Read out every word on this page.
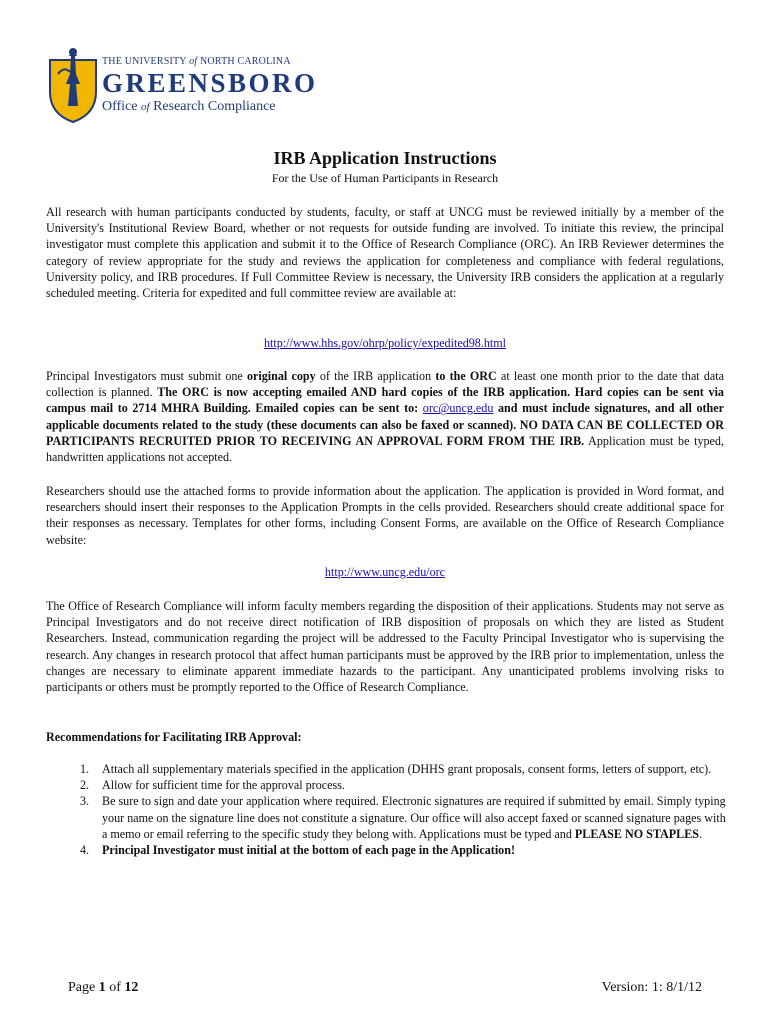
THE UNIVERSITY of NORTH CAROLINA
GREENSBORO
Office of Research Compliance
IRB Application Instructions
For the Use of Human Participants in Research
All research with human participants conducted by students, faculty, or staff at UNCG must be reviewed initially by a member of the University's Institutional Review Board, whether or not requests for outside funding are involved. To initiate this review, the principal investigator must complete this application and submit it to the Office of Research Compliance (ORC). An IRB Reviewer determines the category of review appropriate for the study and reviews the application for completeness and compliance with federal regulations, University policy, and IRB procedures. If Full Committee Review is necessary, the University IRB considers the application at a regularly scheduled meeting. Criteria for expedited and full committee review are available at:
http://www.hhs.gov/ohrp/policy/expedited98.html
Principal Investigators must submit one original copy of the IRB application to the ORC at least one month prior to the date that data collection is planned. The ORC is now accepting emailed AND hard copies of the IRB application. Hard copies can be sent via campus mail to 2714 MHRA Building. Emailed copies can be sent to: orc@uncg.edu and must include signatures, and all other applicable documents related to the study (these documents can also be faxed or scanned). NO DATA CAN BE COLLECTED OR PARTICIPANTS RECRUITED PRIOR TO RECEIVING AN APPROVAL FORM FROM THE IRB. Application must be typed, handwritten applications not accepted.
Researchers should use the attached forms to provide information about the application. The application is provided in Word format, and researchers should insert their responses to the Application Prompts in the cells provided. Researchers should create additional space for their responses as necessary. Templates for other forms, including Consent Forms, are available on the Office of Research Compliance website:
http://www.uncg.edu/orc
The Office of Research Compliance will inform faculty members regarding the disposition of their applications. Students may not serve as Principal Investigators and do not receive direct notification of IRB disposition of proposals on which they are listed as Student Researchers. Instead, communication regarding the project will be addressed to the Faculty Principal Investigator who is supervising the research. Any changes in research protocol that affect human participants must be approved by the IRB prior to implementation, unless the changes are necessary to eliminate apparent immediate hazards to the participant. Any unanticipated problems involving risks to participants or others must be promptly reported to the Office of Research Compliance.
Recommendations for Facilitating IRB Approval:
1. Attach all supplementary materials specified in the application (DHHS grant proposals, consent forms, letters of support, etc).
2. Allow for sufficient time for the approval process.
3. Be sure to sign and date your application where required. Electronic signatures are required if submitted by email. Simply typing your name on the signature line does not constitute a signature. Our office will also accept faxed or scanned signature pages with a memo or email referring to the specific study they belong with. Applications must be typed and PLEASE NO STAPLES.
4. Principal Investigator must initial at the bottom of each page in the Application!
Page 1 of 12	Version: 1: 8/1/12
